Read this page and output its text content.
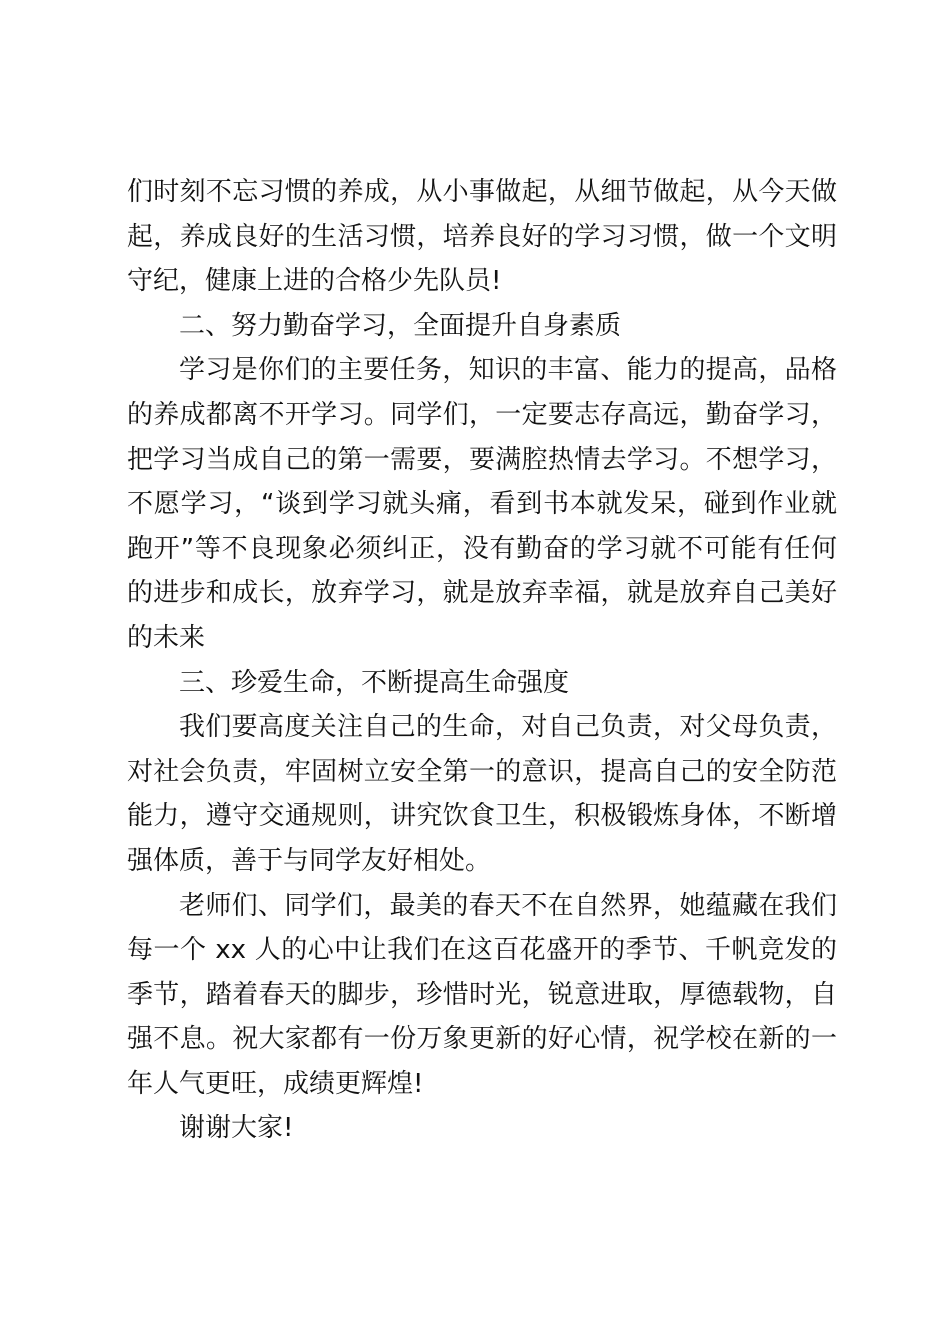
们时刻不忘习惯的养成，从小事做起，从细节做起，从今天做起，养成良好的生活习惯，培养良好的学习习惯，做一个文明守纪，健康上进的合格少先队员!

二、努力勤奋学习，全面提升自身素质

学习是你们的主要任务，知识的丰富、能力的提高，品格的养成都离不开学习。同学们，一定要志存高远，勤奋学习，把学习当成自己的第一需要，要满腔热情去学习。不想学习，不愿学习，“谈到学习就头痛，看到书本就发呆，碰到作业就跑开”等不良现象必须纠正，没有勤奋的学习就不可能有任何的进步和成长，放弃学习，就是放弃幸福，就是放弃自己美好的未来

三、珍爱生命，不断提高生命强度

我们要高度关注自己的生命，对自己负责，对父母负责，对社会负责，牢固树立安全第一的意识，提高自己的安全防范能力，遵守交通规则，讲究饮食卫生，积极锻炼身体，不断增强体质，善于与同学友好相处。

老师们、同学们，最美的春天不在自然界，她蕴藏在我们每一个 xx 人的心中让我们在这百花盛开的季节、千帆竞发的季节，踏着春天的脚步，珍惜时光，锐意进取，厚德载物，自强不息。祝大家都有一份万象更新的好心情，祝学校在新的一年人气更旺，成绩更辉煌!

谢谢大家!
